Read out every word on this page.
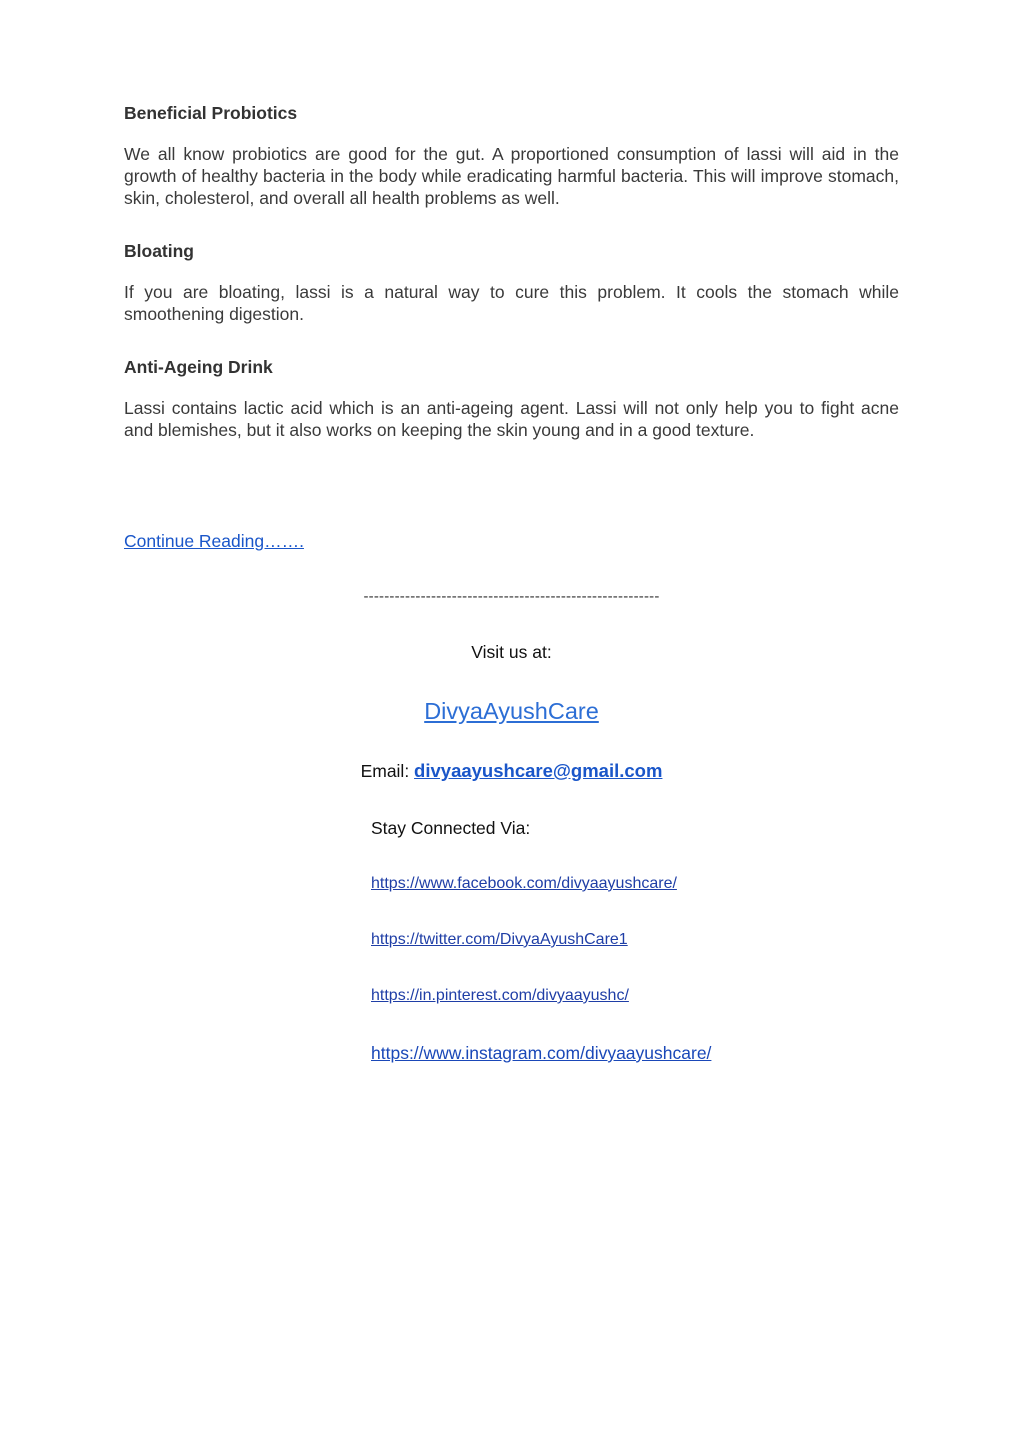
Beneficial Probiotics

We all know probiotics are good for the gut. A proportioned consumption of lassi will aid in the growth of healthy bacteria in the body while eradicating harmful bacteria. This will improve stomach, skin, cholesterol, and overall all health problems as well.

Bloating

If you are bloating, lassi is a natural way to cure this problem. It cools the stomach while smoothening digestion.

Anti-Ageing Drink

Lassi contains lactic acid which is an anti-ageing agent. Lassi will not only help you to fight acne and blemishes, but it also works on keeping the skin young and in a good texture.

Continue Reading…….
---------------------------------------------------------
Visit us at:
DivyaAyushCare
Email: divyaayushcare@gmail.com
Stay Connected Via:
https://www.facebook.com/divyaayushcare/
https://twitter.com/DivyaAyushCare1
https://in.pinterest.com/divyaayushc/
https://www.instagram.com/divyaayushcare/
